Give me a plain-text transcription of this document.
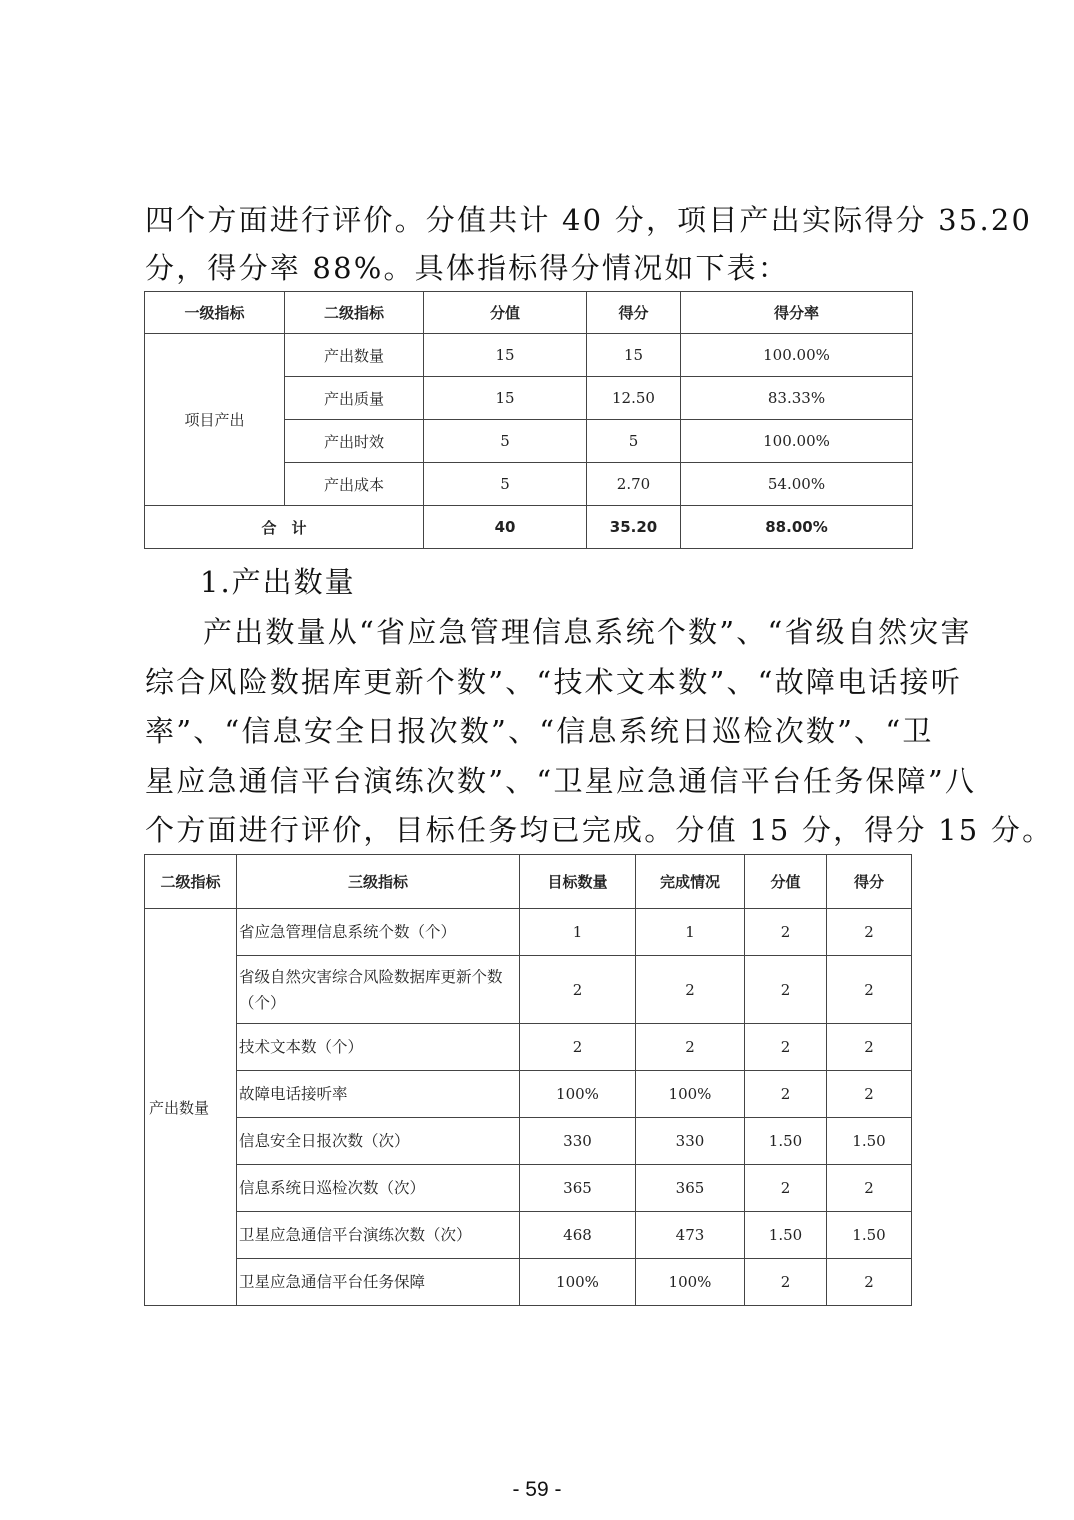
四个方面进行评价。分值共计 40 分，项目产出实际得分 35.20
分，得分率 88%。具体指标得分情况如下表：
一级指标	二级指标	分值	得分	得分率
项目产出	产出数量	15	15	100.00%
	产出质量	15	12.50	83.33%
	产出时效	5	5	100.00%
	产出成本	5	2.70	54.00%
合　计		40	35.20	88.00%
1.产出数量
产出数量从“省应急管理信息系统个数”、“省级自然灾害
综合风险数据库更新个数”、“技术文本数”、“故障电话接听
率”、“信息安全日报次数”、“信息系统日巡检次数”、“卫
星应急通信平台演练次数”、“卫星应急通信平台任务保障”八
个方面进行评价，目标任务均已完成。分值 15 分，得分 15 分。
二级指标	三级指标	目标数量	完成情况	分值	得分
产出数量	省应急管理信息系统个数（个）	1	1	2	2
	省级自然灾害综合风险数据库更新个数（个）	2	2	2	2
	技术文本数（个）	2	2	2	2
	故障电话接听率	100%	100%	2	2
	信息安全日报次数（次）	330	330	1.50	1.50
	信息系统日巡检次数（次）	365	365	2	2
	卫星应急通信平台演练次数（次）	468	473	1.50	1.50
	卫星应急通信平台任务保障	100%	100%	2	2
- 59 -
